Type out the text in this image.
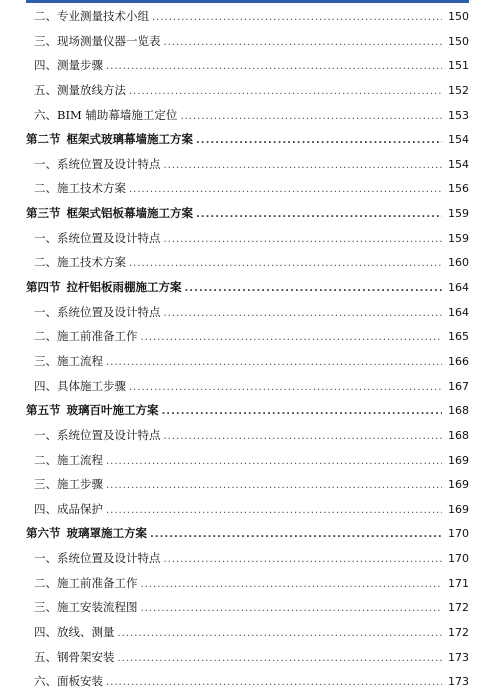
二、 专业测量技术小组 .....	150
三、 现场测量仪器一览表 .....	150
四、 测量步骤 .....	151
五、 测量放线方法 .....	152
六、 BIM 辅助幕墙施工定位 .....	153
第二节 框架式玻璃幕墙施工方案 .....	154
一、 系统位置及设计特点 .....	154
二、 施工技术方案 .....	156
第三节 框架式铝板幕墙施工方案 .....	159
一、 系统位置及设计特点 .....	159
二、 施工技术方案 .....	160
第四节 拉杆铝板雨棚施工方案 .....	164
一、 系统位置及设计特点 .....	164
二、 施工前准备工作 .....	165
三、 施工流程 .....	166
四、 具体施工步骤 .....	167
第五节 玻璃百叶施工方案 .....	168
一、 系统位置及设计特点 .....	168
二、 施工流程 .....	169
三、 施工步骤 .....	169
四、 成品保护 .....	169
第六节 玻璃罩施工方案 .....	170
一、 系统位置及设计特点 .....	170
二、 施工前准备工作 .....	171
三、 施工安装流程图 .....	172
四、 放线、测量 .....	172
五、 钢骨架安装 .....	173
六、 面板安装 .....	173
